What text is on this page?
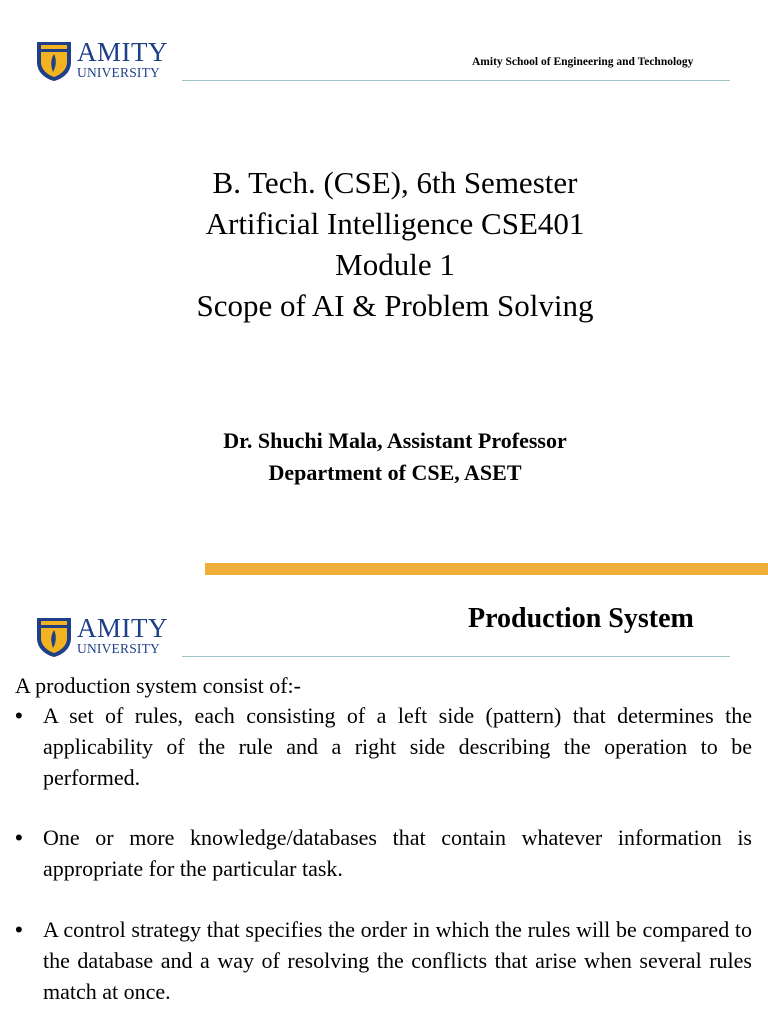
AMITY
UNIVERSITY
Amity School of Engineering and Technology
B. Tech. (CSE), 6th Semester
Artificial Intelligence CSE401
Module 1
Scope of AI & Problem Solving
Dr. Shuchi Mala, Assistant Professor
Department of CSE, ASET
AMITY
UNIVERSITY
Production System
A production system consist of:-
• A set of rules, each consisting of a left side (pattern) that determines the applicability of the rule and a right side describing the operation to be performed.
• One or more knowledge/databases that contain whatever information is appropriate for the particular task.
• A control strategy that specifies the order in which the rules will be compared to the database and a way of resolving the conflicts that arise when several rules match at once.
